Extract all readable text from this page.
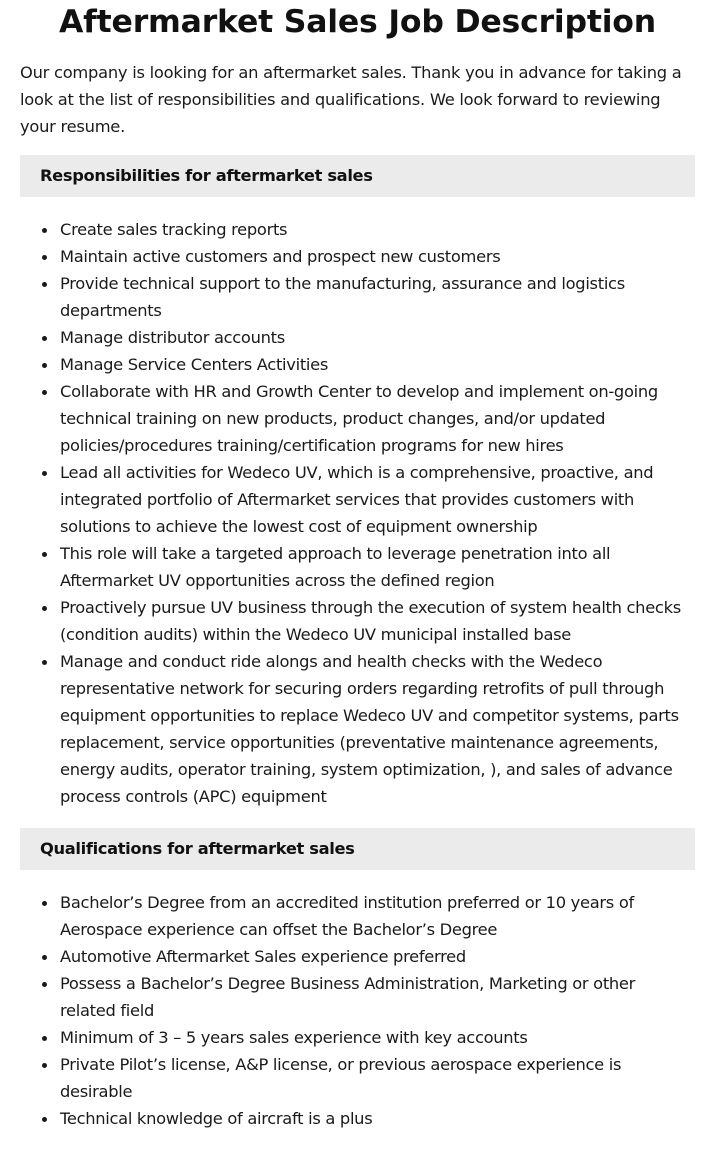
Aftermarket Sales Job Description

Our company is looking for an aftermarket sales. Thank you in advance for taking a look at the list of responsibilities and qualifications. We look forward to reviewing your resume.

Responsibilities for aftermarket sales
Create sales tracking reports
Maintain active customers and prospect new customers
Provide technical support to the manufacturing, assurance and logistics departments
Manage distributor accounts
Manage Service Centers Activities
Collaborate with HR and Growth Center to develop and implement on-going technical training on new products, product changes, and/or updated policies/procedures training/certification programs for new hires
Lead all activities for Wedeco UV, which is a comprehensive, proactive, and integrated portfolio of Aftermarket services that provides customers with solutions to achieve the lowest cost of equipment ownership
This role will take a targeted approach to leverage penetration into all Aftermarket UV opportunities across the defined region
Proactively pursue UV business through the execution of system health checks (condition audits) within the Wedeco UV municipal installed base
Manage and conduct ride alongs and health checks with the Wedeco representative network for securing orders regarding retrofits of pull through equipment opportunities to replace Wedeco UV and competitor systems, parts replacement, service opportunities (preventative maintenance agreements, energy audits, operator training, system optimization, ), and sales of advance process controls (APC) equipment
Qualifications for aftermarket sales
Bachelor’s Degree from an accredited institution preferred or 10 years of Aerospace experience can offset the Bachelor’s Degree
Automotive Aftermarket Sales experience preferred
Possess a Bachelor’s Degree Business Administration, Marketing or other related field
Minimum of 3 – 5 years sales experience with key accounts
Private Pilot’s license, A&P license, or previous aerospace experience is desirable
Technical knowledge of aircraft is a plus
